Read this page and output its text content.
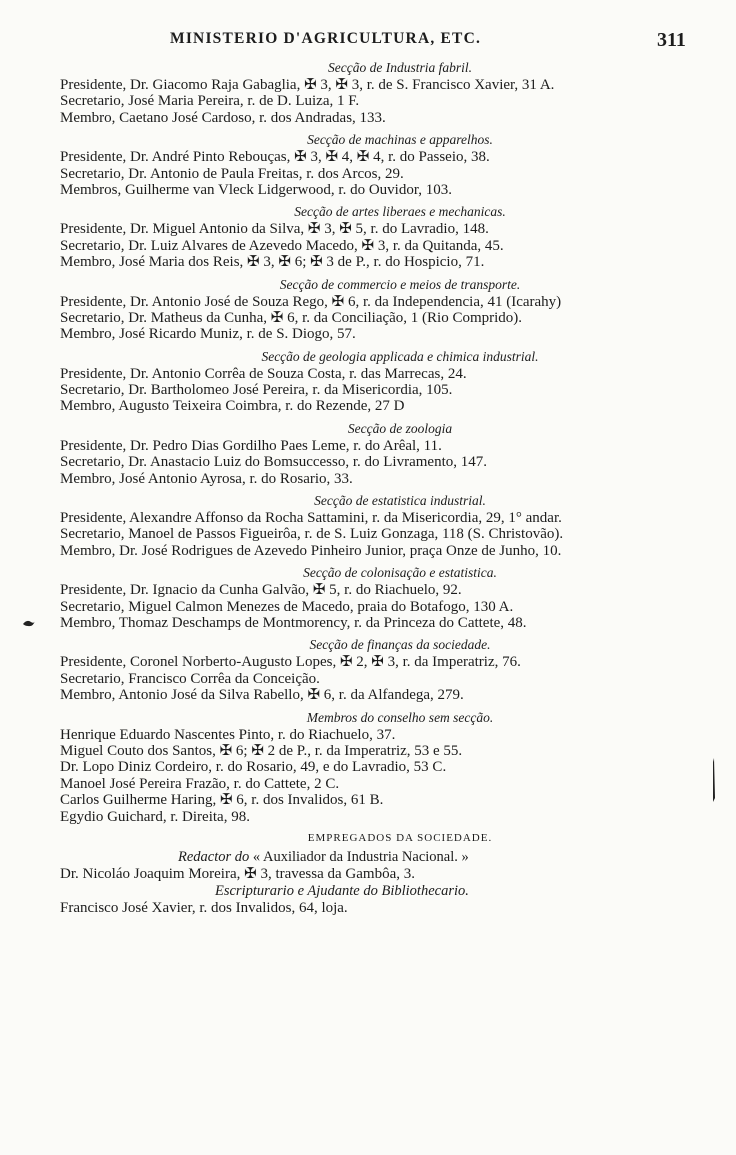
MINISTERIO D'AGRICULTURA, ETC.	311
Secção de Industria fabril.
Presidente, Dr. Giacomo Raja Gabaglia, ✠ 3, ✠ 3, r. de S. Francisco Xavier, 31 A.
Secretario, José Maria Pereira, r. de D. Luiza, 1 F.
Membro, Caetano José Cardoso, r. dos Andradas, 133.
Secção de machinas e apparelhos.
Presidente, Dr. André Pinto Rebouças, ✠ 3, ✠ 4, ✠ 4, r. do Passeio, 38.
Secretario, Dr. Antonio de Paula Freitas, r. dos Arcos, 29.
Membros, Guilherme van Vleck Lidgerwood, r. do Ouvidor, 103.
Secção de artes liberaes e mechanicas.
Presidente, Dr. Miguel Antonio da Silva, ✠ 3, ✠ 5, r. do Lavradio, 148.
Secretario, Dr. Luiz Alvares de Azevedo Macedo, ✠ 3, r. da Quitanda, 45.
Membro, José Maria dos Reis, ✠ 3, ✠ 6; ✠ 3 de P., r. do Hospicio, 71.
Secção de commercio e meios de transporte.
Presidente, Dr. Antonio José de Souza Rego, ✠ 6, r. da Independencia, 41 (Icarahy)
Secretario, Dr. Matheus da Cunha, ✠ 6, r. da Conciliação, 1 (Rio Comprido).
Membro, José Ricardo Muniz, r. de S. Diogo, 57.
Secção de geologia applicada e chimica industrial.
Presidente, Dr. Antonio Corrêa de Souza Costa, r. das Marrecas, 24.
Secretario, Dr. Bartholomeo José Pereira, r. da Misericordia, 105.
Membro, Augusto Teixeira Coimbra, r. do Rezende, 27 D
Secção de zoologia
Presidente, Dr. Pedro Dias Gordilho Paes Leme, r. do Arêal, 11.
Secretario, Dr. Anastacio Luiz do Bomsuccesso, r. do Livramento, 147.
Membro, José Antonio Ayrosa, r. do Rosario, 33.
Secção de estatistica industrial.
Presidente, Alexandre Affonso da Rocha Sattamini, r. da Misericordia, 29, 1° andar.
Secretario, Manoel de Passos Figueirôa, r. de S. Luiz Gonzaga, 118 (S. Christovão).
Membro, Dr. José Rodrigues de Azevedo Pinheiro Junior, praça Onze de Junho, 10.
Secção de colonisação e estatistica.
Presidente, Dr. Ignacio da Cunha Galvão, ✠ 5, r. do Riachuelo, 92.
Secretario, Miguel Calmon Menezes de Macedo, praia do Botafogo, 130 A.
Membro, Thomaz Deschamps de Montmorency, r. da Princeza do Cattete, 48.
Secção de finanças da sociedade.
Presidente, Coronel Norberto-Augusto Lopes, ✠ 2, ✠ 3, r. da Imperatriz, 76.
Secretario, Francisco Corrêa da Conceição.
Membro, Antonio José da Silva Rabello, ✠ 6, r. da Alfandega, 279.
Membros do conselho sem secção.
Henrique Eduardo Nascentes Pinto, r. do Riachuelo, 37.
Miguel Couto dos Santos, ✠ 6; ✠ 2 de P., r. da Imperatriz, 53 e 55.
Dr. Lopo Diniz Cordeiro, r. do Rosario, 49, e do Lavradio, 53 C.
Manoel José Pereira Frazão, r. do Cattete, 2 C.
Carlos Guilherme Haring, ✠ 6, r. dos Invalidos, 61 B.
Egydio Guichard, r. Direita, 98.
EMPREGADOS DA SOCIEDADE.
Redactor do « Auxiliador da Industria Nacional. »
Dr. Nicoláo Joaquim Moreira, ✠ 3, travessa da Gambôa, 3.
Escripturario e Ajudante do Bibliothecario.
Francisco José Xavier, r. dos Invalidos, 64, loja.
